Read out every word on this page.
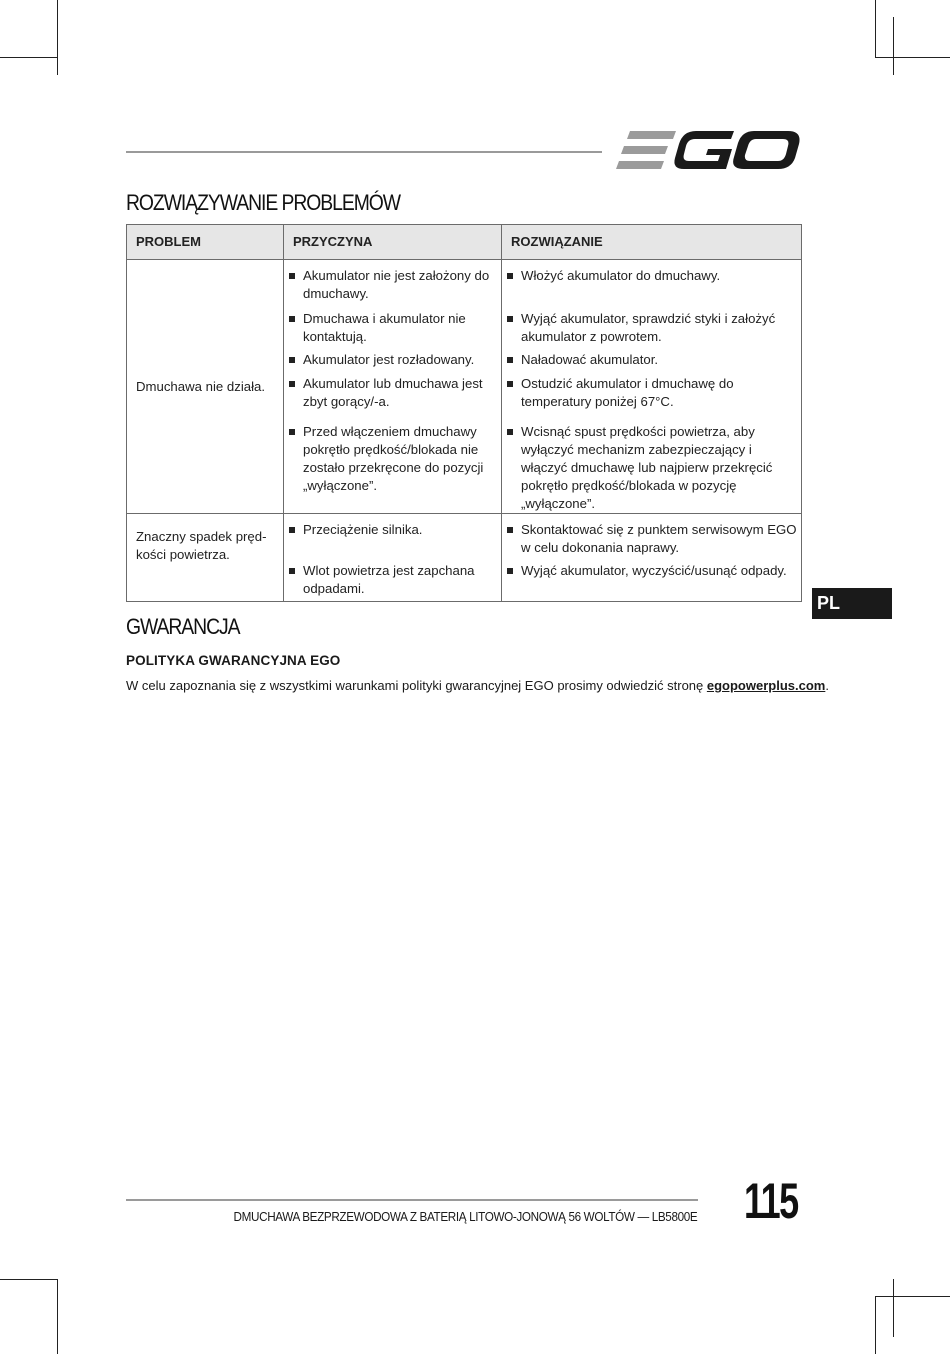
ROZWIĄZYWANIE PROBLEMÓW
PROBLEM	PRZYCZYNA	ROZWIĄZANIE
Dmuchawa nie działa.	Akumulator nie jest założony do dmuchawy.	Włożyć akumulator do dmuchawy.

	Dmuchawa i akumulator nie kontaktują.	Wyjąć akumulator, sprawdzić styki i założyć akumulator z powrotem.

	Akumulator jest rozładowany.	Naładować akumulator.

	Akumulator lub dmuchawa jest zbyt gorący/-a.	Ostudzić akumulator i dmuchawę do temperatury poniżej 67°C.

	Przed włączeniem dmuchawy pokrętło prędkość/blokada nie zostało przekręcone do pozycji „wyłączone”.	Wcisnąć spust prędkości powietrza, aby wyłączyć mechanizm zabezpieczający i włączyć dmuchawę lub najpierw przekręcić pokrętło prędkość/blokada w pozycję „wyłączone”.

Znaczny spadek pręd-kości powietrza.	Przeciążenie silnika.	Skontaktować się z punktem serwisowym EGO w celu dokonania naprawy.

	Wlot powietrza jest zapchana odpadami.	Wyjąć akumulator, wyczyścić/usunąć odpady.
PL
GWARANCJA
POLITYKA GWARANCYJNA EGO
W celu zapoznania się z wszystkimi warunkami polityki gwarancyjnej EGO prosimy odwiedzić stronę egopowerplus.com.
DMUCHAWA BEZPRZEWODOWA Z BATERIĄ LITOWO-JONOWĄ 56 WOLTÓW — LB5800E 115
